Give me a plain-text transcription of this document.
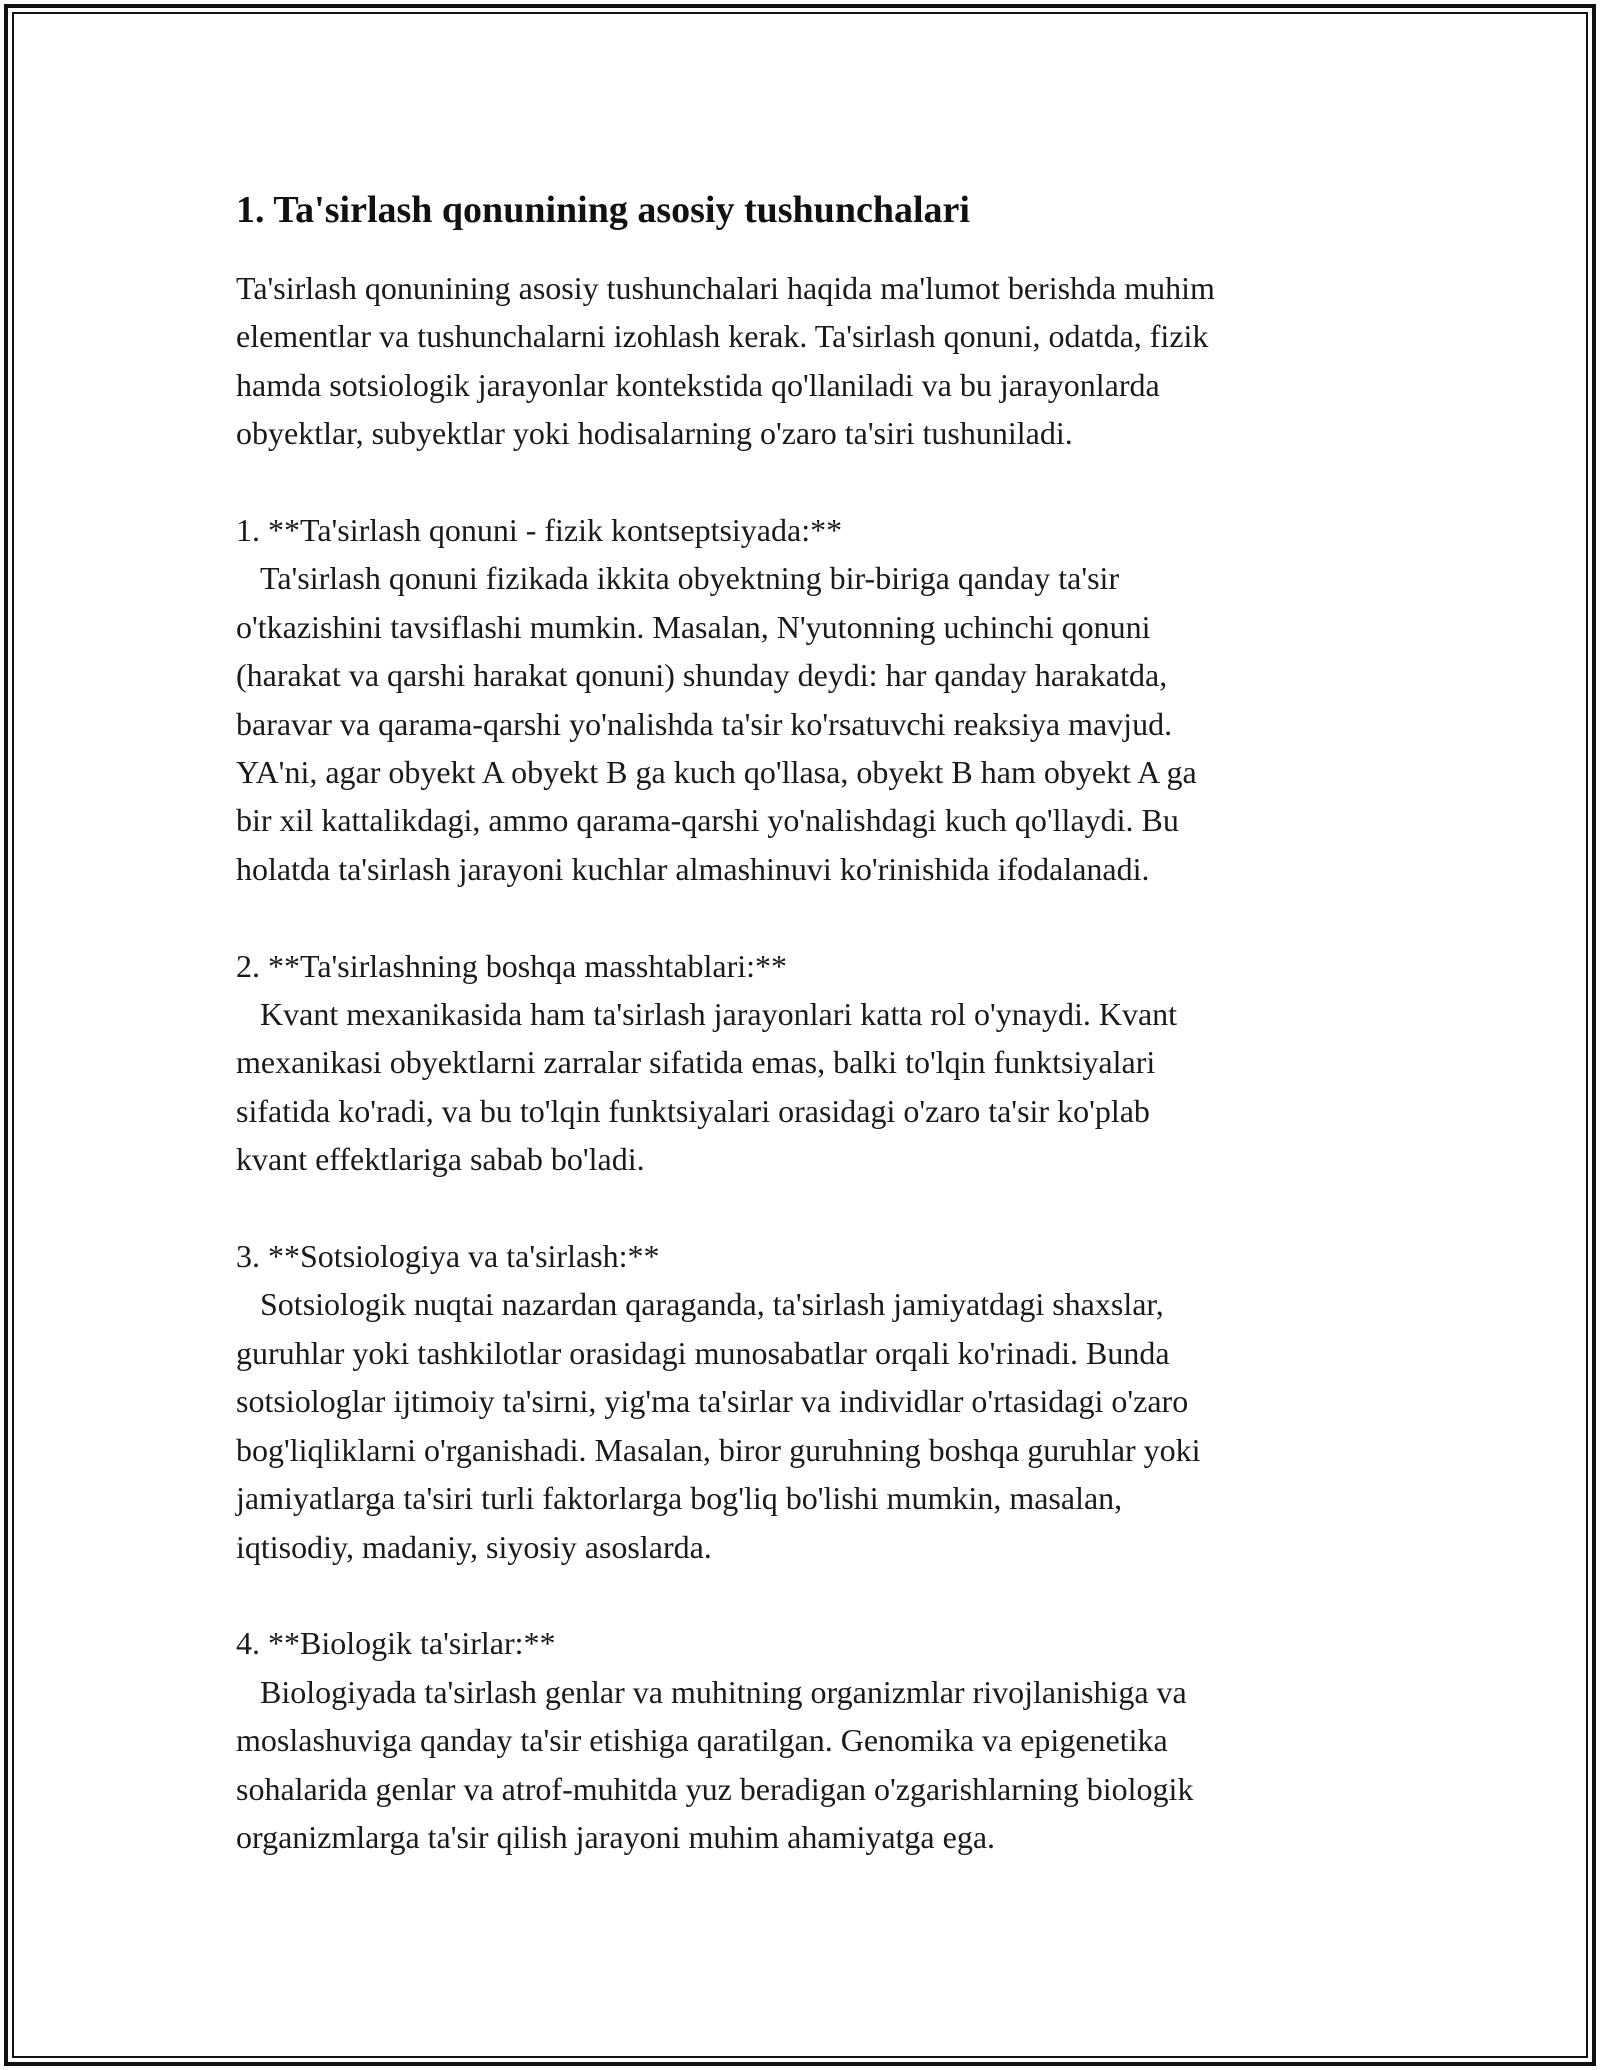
1. Ta'sirlash qonunining asosiy tushunchalari

Ta'sirlash qonunining asosiy tushunchalari haqida ma'lumot berishda muhim
elementlar va tushunchalarni izohlash kerak. Ta'sirlash qonuni, odatda, fizik
hamda sotsiologik jarayonlar kontekstida qo'llaniladi va bu jarayonlarda
obyektlar, subyektlar yoki hodisalarning o'zaro ta'siri tushuniladi.

1. **Ta'sirlash qonuni - fizik kontseptsiyada:**

Ta'sirlash qonuni fizikada ikkita obyektning bir-biriga qanday ta'sir
o'tkazishini tavsiflashi mumkin. Masalan, N'yutonning uchinchi qonuni
(harakat va qarshi harakat qonuni) shunday deydi: har qanday harakatda,
baravar va qarama-qarshi yo'nalishda ta'sir ko'rsatuvchi reaksiya mavjud.
YA'ni, agar obyekt A obyekt B ga kuch qo'llasa, obyekt B ham obyekt A ga
bir xil kattalikdagi, ammo qarama-qarshi yo'nalishdagi kuch qo'llaydi. Bu
holatda ta'sirlash jarayoni kuchlar almashinuvi ko'rinishida ifodalanadi.

2. **Ta'sirlashning boshqa masshtablari:**

Kvant mexanikasida ham ta'sirlash jarayonlari katta rol o'ynaydi. Kvant
mexanikasi obyektlarni zarralar sifatida emas, balki to'lqin funktsiyalari
sifatida ko'radi, va bu to'lqin funktsiyalari orasidagi o'zaro ta'sir ko'plab
kvant effektlariga sabab bo'ladi.

3. **Sotsiologiya va ta'sirlash:**

Sotsiologik nuqtai nazardan qaraganda, ta'sirlash jamiyatdagi shaxslar,
guruhlar yoki tashkilotlar orasidagi munosabatlar orqali ko'rinadi. Bunda
sotsiologlar ijtimoiy ta'sirni, yig'ma ta'sirlar va individlar o'rtasidagi o'zaro
bog'liqliklarni o'rganishadi. Masalan, biror guruhning boshqa guruhlar yoki
jamiyatlarga ta'siri turli faktorlarga bog'liq bo'lishi mumkin, masalan,
iqtisodiy, madaniy, siyosiy asoslarda.

4. **Biologik ta'sirlar:**

Biologiyada ta'sirlash genlar va muhitning organizmlar rivojlanishiga va
moslashuviga qanday ta'sir etishiga qaratilgan. Genomika va epigenetika
sohalarida genlar va atrof-muhitda yuz beradigan o'zgarishlarning biologik
organizmlarga ta'sir qilish jarayoni muhim ahamiyatga ega.
